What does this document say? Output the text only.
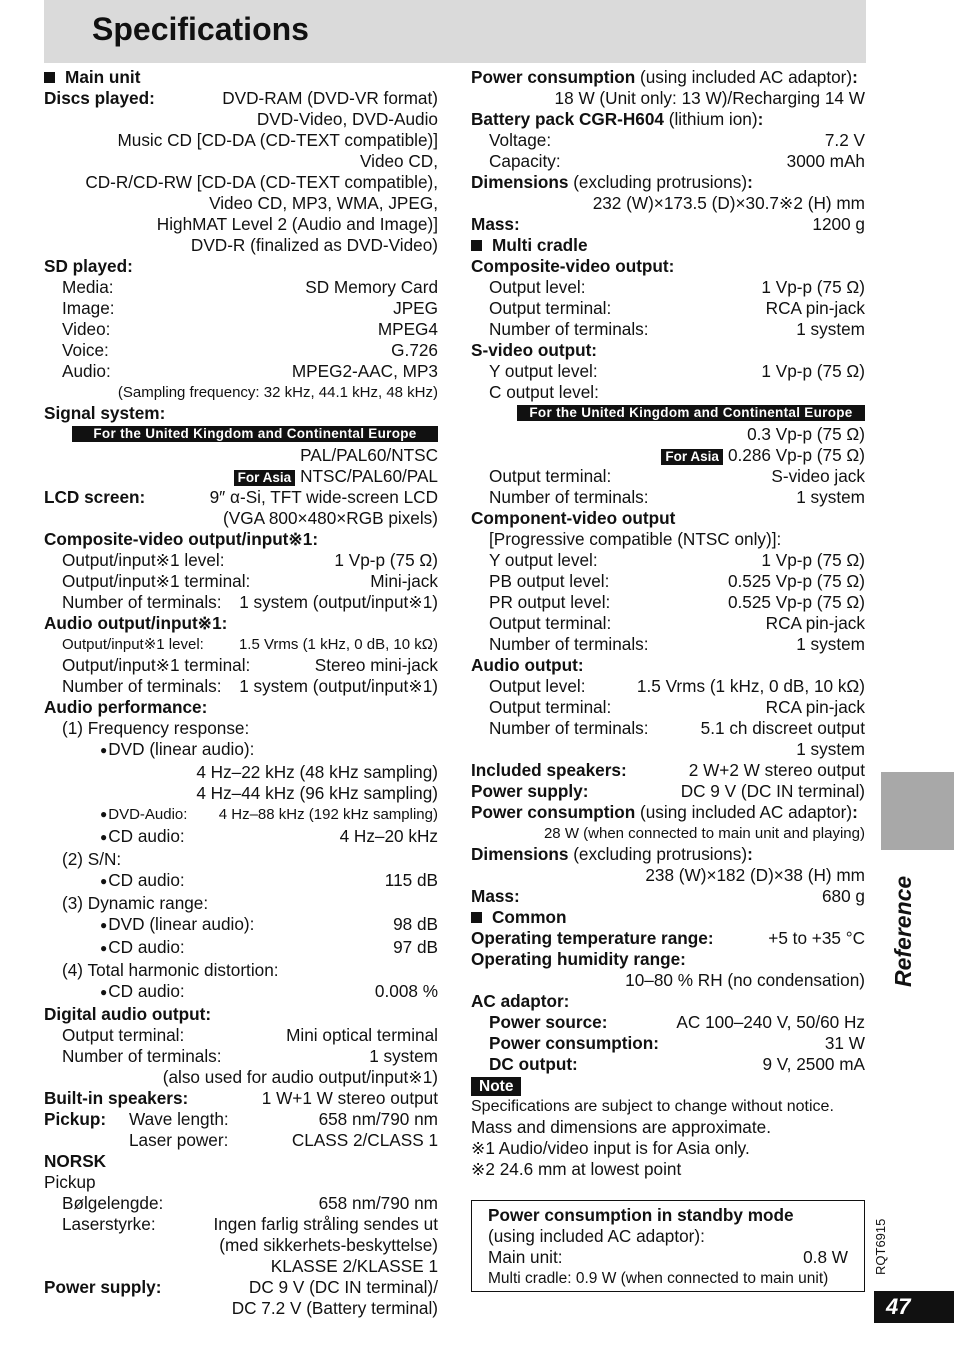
Specifications
Main unit
Discs played:	DVD-RAM (DVD-VR format)
DVD-Video, DVD-Audio
Music CD [CD-DA (CD-TEXT compatible)]
Video CD,
CD-R/CD-RW [CD-DA (CD-TEXT compatible),
Video CD, MP3, WMA, JPEG,
HighMAT Level 2 (Audio and Image)]
DVD-R (finalized as DVD-Video)
SD played:
Media:	SD Memory Card
Image:	JPEG
Video:	MPEG4
Voice:	G.726
Audio:	MPEG2-AAC, MP3
(Sampling frequency: 32 kHz, 44.1 kHz, 48 kHz)
Signal system:
For the United Kingdom and Continental Europe
PAL/PAL60/NTSC
For Asia NTSC/PAL60/PAL
LCD screen:	9″ α-Si, TFT wide-screen LCD
(VGA 800×480×RGB pixels)
Composite-video output/input※1:
Output/input※1 level:	1 Vp-p (75 Ω)
Output/input※1 terminal:	Mini-jack
Number of terminals:	1 system (output/input※1)
Audio output/input※1:
Output/input※1 level:	1.5 Vrms (1 kHz, 0 dB, 10 kΩ)
Output/input※1 terminal:	Stereo mini-jack
Number of terminals:	1 system (output/input※1)
Audio performance:
(1) Frequency response:
● DVD (linear audio):
4 Hz–22 kHz (48 kHz sampling)
4 Hz–44 kHz (96 kHz sampling)
● DVD-Audio:	4 Hz–88 kHz (192 kHz sampling)
● CD audio:	4 Hz–20 kHz
(2) S/N:
● CD audio:	115 dB
(3) Dynamic range:
● DVD (linear audio):	98 dB
● CD audio:	97 dB
(4) Total harmonic distortion:
● CD audio:	0.008 %
Digital audio output:
Output terminal:	Mini optical terminal
Number of terminals:	1 system
(also used for audio output/input※1)
Built-in speakers:	1 W+1 W stereo output
Pickup:	Wave length:	658 nm/790 nm
Laser power:	CLASS 2/CLASS 1
NORSK
Pickup
Bølgelengde:	658 nm/790 nm
Laserstyrke:	Ingen farlig stråling sendes ut
(med sikkerhets-beskyttelse)
KLASSE 2/KLASSE 1
Power supply:	DC 9 V (DC IN terminal)/
DC 7.2 V (Battery terminal)
Power consumption (using included AC adaptor):
18 W (Unit only: 13 W)/Recharging 14 W
Battery pack CGR-H604 (lithium ion):
Voltage:	7.2 V
Capacity:	3000 mAh
Dimensions (excluding protrusions):
232 (W)×173.5 (D)×30.7※2 (H) mm
Mass:	1200 g
Multi cradle
Composite-video output:
Output level:	1 Vp-p (75 Ω)
Output terminal:	RCA pin-jack
Number of terminals:	1 system
S-video output:
Y output level:	1 Vp-p (75 Ω)
C output level:
For the United Kingdom and Continental Europe
0.3 Vp-p (75 Ω)
For Asia 0.286 Vp-p (75 Ω)
Output terminal:	S-video jack
Number of terminals:	1 system
Component-video output
[Progressive compatible (NTSC only)]:
Y output level:	1 Vp-p (75 Ω)
PB output level:	0.525 Vp-p (75 Ω)
PR output level:	0.525 Vp-p (75 Ω)
Output terminal:	RCA pin-jack
Number of terminals:	1 system
Audio output:
Output level:	1.5 Vrms (1 kHz, 0 dB, 10 kΩ)
Output terminal:	RCA pin-jack
Number of terminals:	5.1 ch discreet output
1 system
Included speakers:	2 W+2 W stereo output
Power supply:	DC 9 V (DC IN terminal)
Power consumption (using included AC adaptor):
28 W (when connected to main unit and playing)
Dimensions (excluding protrusions):
238 (W)×182 (D)×38 (H) mm
Mass:	680 g
Common
Operating temperature range:	+5 to +35 °C
Operating humidity range:
10–80 % RH (no condensation)
AC adaptor:
Power source:	AC 100–240 V, 50/60 Hz
Power consumption:	31 W
DC output:	9 V, 2500 mA
Note
Specifications are subject to change without notice.
Mass and dimensions are approximate.
※1 Audio/video input is for Asia only.
※2 24.6 mm at lowest point
Power consumption in standby mode
(using included AC adaptor):
Main unit:	0.8 W
Multi cradle: 0.9 W (when connected to main unit)
Reference
RQT6915
47
